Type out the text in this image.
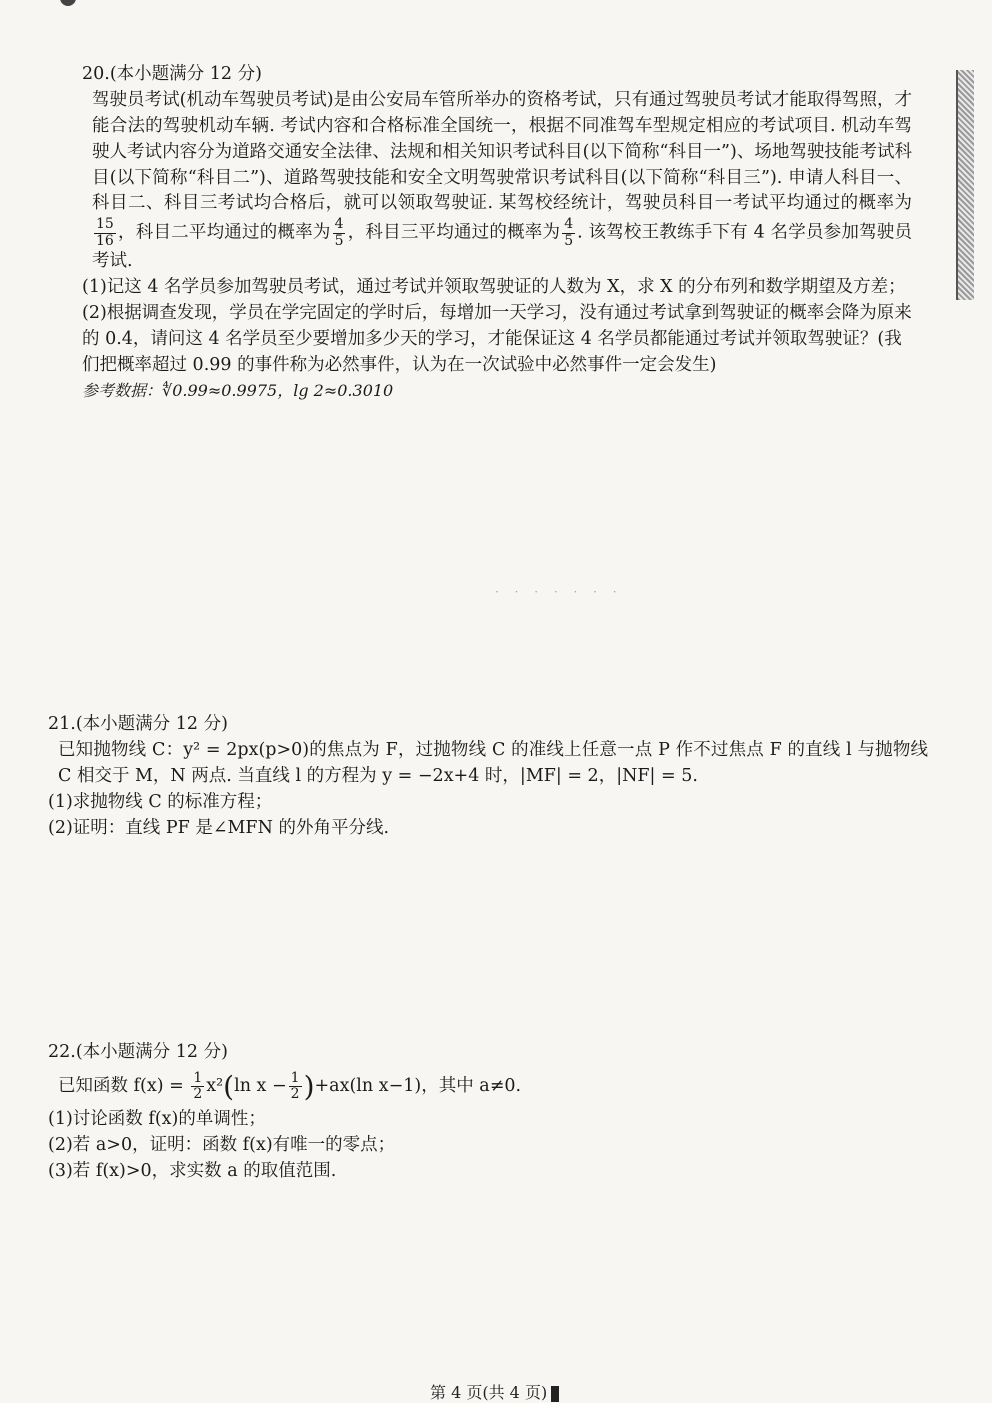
20.(本小题满分 12 分)

驾驶员考试(机动车驾驶员考试)是由公安局车管所举办的资格考试，只有通过驾驶员考试才能取得驾照，才能合法的驾驶机动车辆. 考试内容和合格标准全国统一，根据不同准驾车型规定相应的考试项目. 机动车驾驶人考试内容分为道路交通安全法律、法规和相关知识考试科目(以下简称“科目一”)、场地驾驶技能考试科目(以下简称“科目二”)、道路驾驶技能和安全文明驾驶常识考试科目(以下简称“科目三”). 申请人科目一、科目二、科目三考试均合格后，就可以领取驾驶证. 某驾校经统计，驾驶员科目一考试平均通过的概率为
$\frac{15}{16}$ ，科目二平均通过的概率为 $\frac{4}{5}$ ，科目三平均通过的概率为 $\frac{4}{5}$ . 该驾校王教练手下有 4 名学员参加驾驶员考试.

(1)记这 4 名学员参加驾驶员考试，通过考试并领取驾驶证的人数为 X，求 X 的分布列和数学期望及方差；

(2)根据调查发现，学员在学完固定的学时后，每增加一天学习，没有通过考试拿到驾驶证的概率会降为原来的 0.4，请问这 4 名学员至少要增加多少天的学习，才能保证这 4 名学员都能通过考试并领取驾驶证？(我们把概率超过 0.99 的事件称为必然事件，认为在一次试验中必然事件一定会发生)

参考数据：∜0.99≈0.9975，lg 2≈0.3010

· · · · · · ·

21.(本小题满分 12 分)

已知抛物线 C：y² = 2px(p>0)的焦点为 F，过抛物线 C 的准线上任意一点 P 作不过焦点 F 的直线 l 与抛物线 C 相交于 M，N 两点. 当直线 l 的方程为 y = −2x+4 时，|MF| = 2，|NF| = 5.

(1)求抛物线 C 的标准方程；

(2)证明：直线 PF 是∠MFN 的外角平分线.

22.(本小题满分 12 分)

已知函数 $f(x) = \frac{1}{2} x^2(\ln$ $x - \frac{1}{2} )+ax(\ln$ x−1)，其中 a≠0.

(1)讨论函数 f(x)的单调性；

(2)若 a>0，证明：函数 f(x)有唯一的零点；

(3)若 f(x)>0，求实数 a 的取值范围.

第 4 页(共 4 页)
